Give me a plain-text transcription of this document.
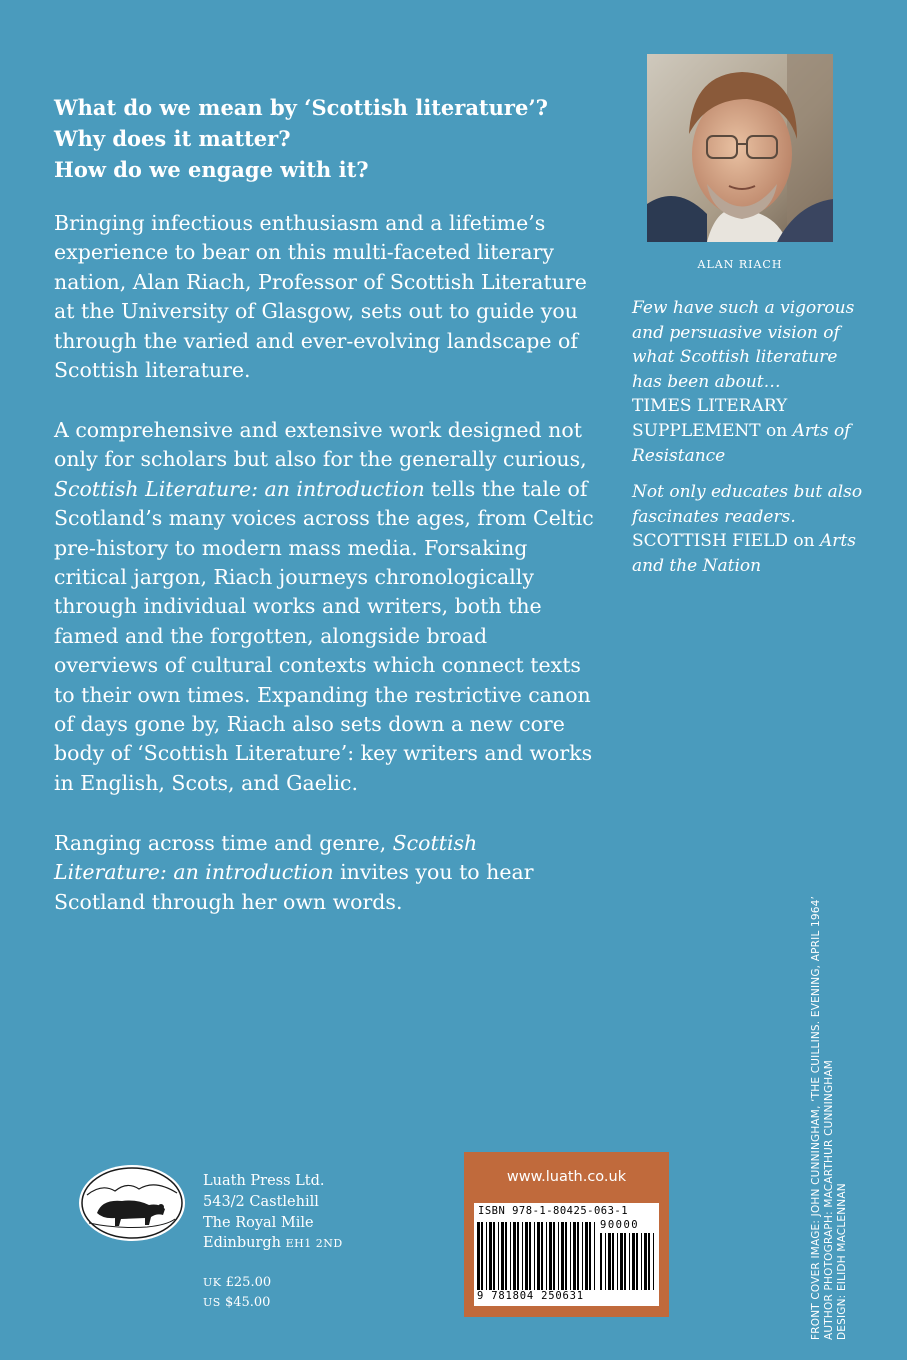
What do we mean by ‘Scottish literature’?

Why does it matter?

How do we engage with it?

Bringing infectious enthusiasm and a lifetime’s experience to bear on this multi-faceted literary nation, Alan Riach, Professor of Scottish Literature at the University of Glasgow, sets out to guide you through the varied and ever-evolving landscape of Scottish literature.

A comprehensive and extensive work designed not only for scholars but also for the generally curious, Scottish Literature: an introduction tells the tale of Scotland’s many voices across the ages, from Celtic pre-history to modern mass media. Forsaking critical jargon, Riach journeys chronologically through individual works and writers, both the famed and the forgotten, alongside broad overviews of cultural contexts which connect texts to their own times. Expanding the restrictive canon of days gone by, Riach also sets down a new core body of ‘Scottish Literature’: key writers and works in English, Scots, and Gaelic.

Ranging across time and genre, Scottish Literature: an introduction invites you to hear Scotland through her own words.

ALAN RIACH

Few have such a vigorous and persuasive vision of what Scottish literature has been about…

TIMES LITERARY SUPPLEMENT on Arts of Resistance

Not only educates but also fascinates readers.

SCOTTISH FIELD on Arts and the Nation

Luath Press Ltd.

543/2 Castlehill

The Royal Mile

Edinburgh EH1 2ND

UK £25.00

US $45.00

www.luath.co.uk
ISBN 978-1-80425-063-1
90000
9 781804 250631	FRONT COVER IMAGE: JOHN CUNNINGHAM, ‘THE CUILLINS. EVENING, APRIL 1964’ AUTHOR PHOTOGRAPH: MACARTHUR CUNNINGHAM DESIGN: EILIDH MACLENNAN
